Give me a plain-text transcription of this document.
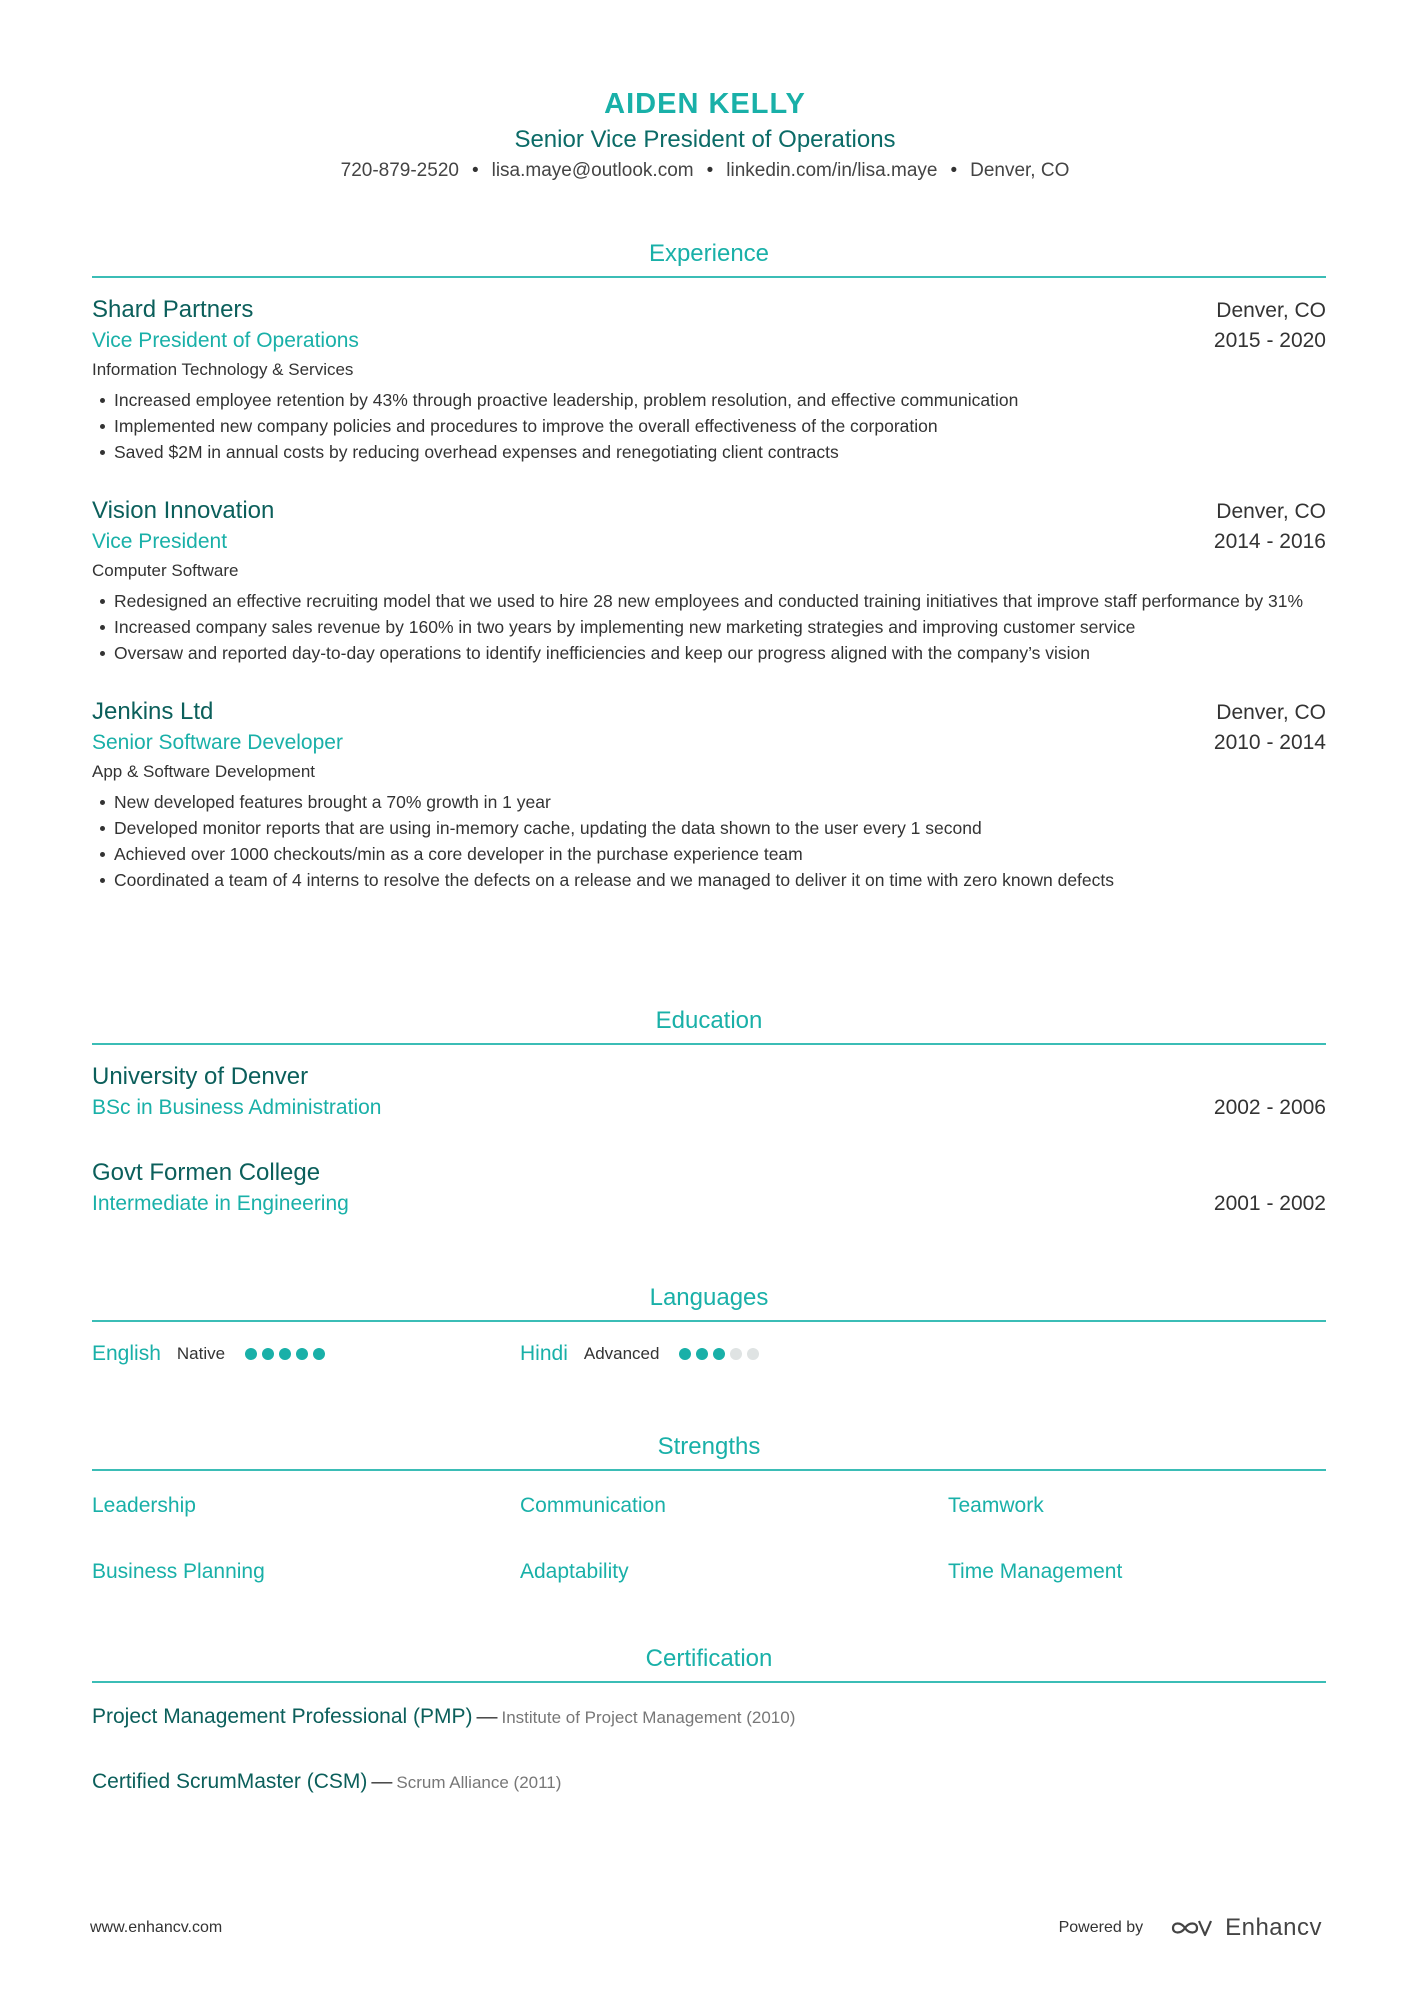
AIDEN KELLY
Senior Vice President of Operations
720-879-2520 • lisa.maye@outlook.com • linkedin.com/in/lisa.maye • Denver, CO
Experience
Shard Partners	Denver, CO
Vice President of Operations	2015 - 2020
Information Technology & Services
Increased employee retention by 43% through proactive leadership, problem resolution, and effective communication
Implemented new company policies and procedures to improve the overall effectiveness of the corporation
Saved $2M in annual costs by reducing overhead expenses and renegotiating client contracts
Vision Innovation	Denver, CO
Vice President	2014 - 2016
Computer Software
Redesigned an effective recruiting model that we used to hire 28 new employees and conducted training initiatives that improve staff performance by 31%
Increased company sales revenue by 160% in two years by implementing new marketing strategies and improving customer service
Oversaw and reported day-to-day operations to identify inefficiencies and keep our progress aligned with the company’s vision
Jenkins Ltd	Denver, CO
Senior Software Developer	2010 - 2014
App & Software Development
New developed features brought a 70% growth in 1 year
Developed monitor reports that are using in-memory cache, updating the data shown to the user every 1 second
Achieved over 1000 checkouts/min as a core developer in the purchase experience team
Coordinated a team of 4 interns to resolve the defects on a release and we managed to deliver it on time with zero known defects
Education
University of Denver
BSc in Business Administration	2002 - 2006
Govt Formen College
Intermediate in Engineering	2001 - 2002
Languages
English Native	Hindi Advanced
Strengths
Leadership	Communication	Teamwork
Business Planning	Adaptability	Time Management
Certification
Project Management Professional (PMP) — Institute of Project Management (2010)
Certified ScrumMaster (CSM) — Scrum Alliance (2011)
www.enhancv.com	Powered by	Enhancv
